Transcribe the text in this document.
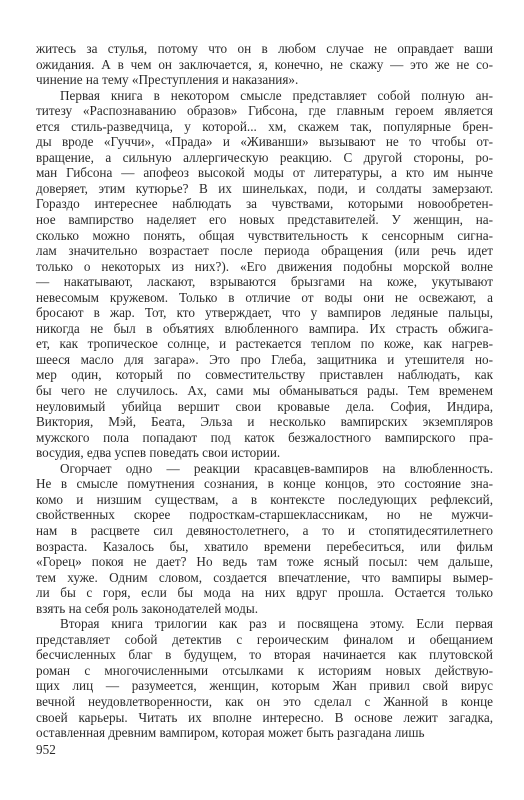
житесь за стулья, потому что он в любом случае не оправдает ваши
ожидания. А в чем он заключается, я, конечно, не скажу — это же не со-
чинение на тему «Преступления и наказания».
Первая книга в некотором смысле представляет собой полную ан-
титезу «Распознаванию образов» Гибсона, где главным героем является
ется стиль-разведчица, у которой... хм, скажем так, популярные брен-
ды вроде «Гуччи», «Прада» и «Живанши» вызывают не то чтобы от-
вращение, а сильную аллергическую реакцию. С другой стороны, ро-
ман Гибсона — апофеоз высокой моды от литературы, а кто им нынче
доверяет, этим кутюрье? В их шинельках, поди, и солдаты замерзают.
Гораздо интереснее наблюдать за чувствами, которыми новообретен-
ное вампирство наделяет его новых представителей. У женщин, на-
сколько можно понять, общая чувствительность к сенсорным сигна-
лам значительно возрастает после периода обращения (или речь идет
только о некоторых из них?). «Его движения подобны морской волне
— накатывают, ласкают, взрываются брызгами на коже, укутывают
невесомым кружевом. Только в отличие от воды они не освежают, а
бросают в жар. Тот, кто утверждает, что у вампиров ледяные пальцы,
никогда не был в объятиях влюбленного вампира. Их страсть обжига-
ет, как тропическое солнце, и растекается теплом по коже, как нагрев-
шееся масло для загара». Это про Глеба, защитника и утешителя но-
мер один, который по совместительству приставлен наблюдать, как
бы чего не случилось. Ах, сами мы обманываться рады. Тем временем
неуловимый убийца вершит свои кровавые дела. София, Индира,
Виктория, Мэй, Беата, Эльза и несколько вампирских экземпляров
мужского пола попадают под каток безжалостного вампирского пра-
восудия, едва успев поведать свои истории.
Огорчает одно — реакции красавцев-вампиров на влюбленность.
Не в смысле помутнения сознания, в конце концов, это состояние зна-
комо и низшим существам, а в контексте последующих рефлексий,
свойственных скорее подросткам-старшеклассникам, но не мужчи-
нам в расцвете сил девяностолетнего, а то и стопятидесятилетнего
возраста. Казалось бы, хватило времени перебеситься, или фильм
«Горец» покоя не дает? Но ведь там тоже ясный посыл: чем дальше,
тем хуже. Одним словом, создается впечатление, что вампиры вымер-
ли бы с горя, если бы мода на них вдруг прошла. Остается только
взять на себя роль законодателей моды.
Вторая книга трилогии как раз и посвящена этому. Если первая
представляет собой детектив с героическим финалом и обещанием
бесчисленных благ в будущем, то вторая начинается как плутовской
роман с многочисленными отсылками к историям новых действую-
щих лиц — разумеется, женщин, которым Жан привил свой вирус
вечной неудовлетворенности, как он это сделал с Жанной в конце
своей карьеры. Читать их вполне интересно. В основе лежит загадка,
оставленная древним вампиром, которая может быть разгадана лишь
952
